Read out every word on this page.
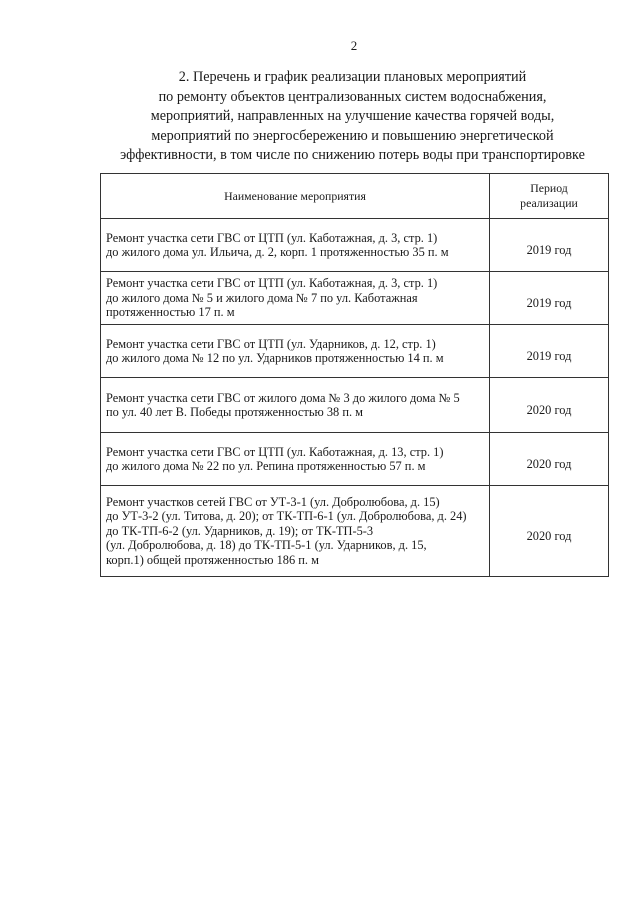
2
2. Перечень и график реализации плановых мероприятий
по ремонту объектов централизованных систем водоснабжения,
мероприятий, направленных на улучшение качества горячей воды,
мероприятий по энергосбережению и повышению энергетической
эффективности, в том числе по снижению потерь воды при транспортировке
Наименование мероприятия	Период
реализации

Ремонт участка сети ГВС от ЦТП (ул. Каботажная, д. 3, стр. 1)
до жилого дома ул. Ильича, д. 2, корп. 1 протяженностью 35 п. м	2019 год

Ремонт участка сети ГВС от ЦТП (ул. Каботажная, д. 3, стр. 1)
до жилого дома № 5 и жилого дома № 7 по ул. Каботажная
протяженностью 17 п. м	2019 год

Ремонт участка сети ГВС от ЦТП (ул. Ударников, д. 12, стр. 1)
до жилого дома № 12 по ул. Ударников протяженностью 14 п. м	2019 год

Ремонт участка сети ГВС от жилого дома № 3 до жилого дома № 5
по ул. 40 лет В. Победы протяженностью 38 п. м	2020 год

Ремонт участка сети ГВС от ЦТП (ул. Каботажная, д. 13, стр. 1)
до жилого дома № 22 по ул. Репина протяженностью 57 п. м	2020 год

Ремонт участков сетей ГВС от УТ-3-1 (ул. Добролюбова, д. 15)
до УТ-3-2 (ул. Титова, д. 20); от ТК-ТП-6-1 (ул. Добролюбова, д. 24)
до ТК-ТП-6-2 (ул. Ударников, д. 19); от ТК-ТП-5-3
(ул. Добролюбова, д. 18) до ТК-ТП-5-1 (ул. Ударников, д. 15,
корп.1) общей протяженностью 186 п. м	2020 год
